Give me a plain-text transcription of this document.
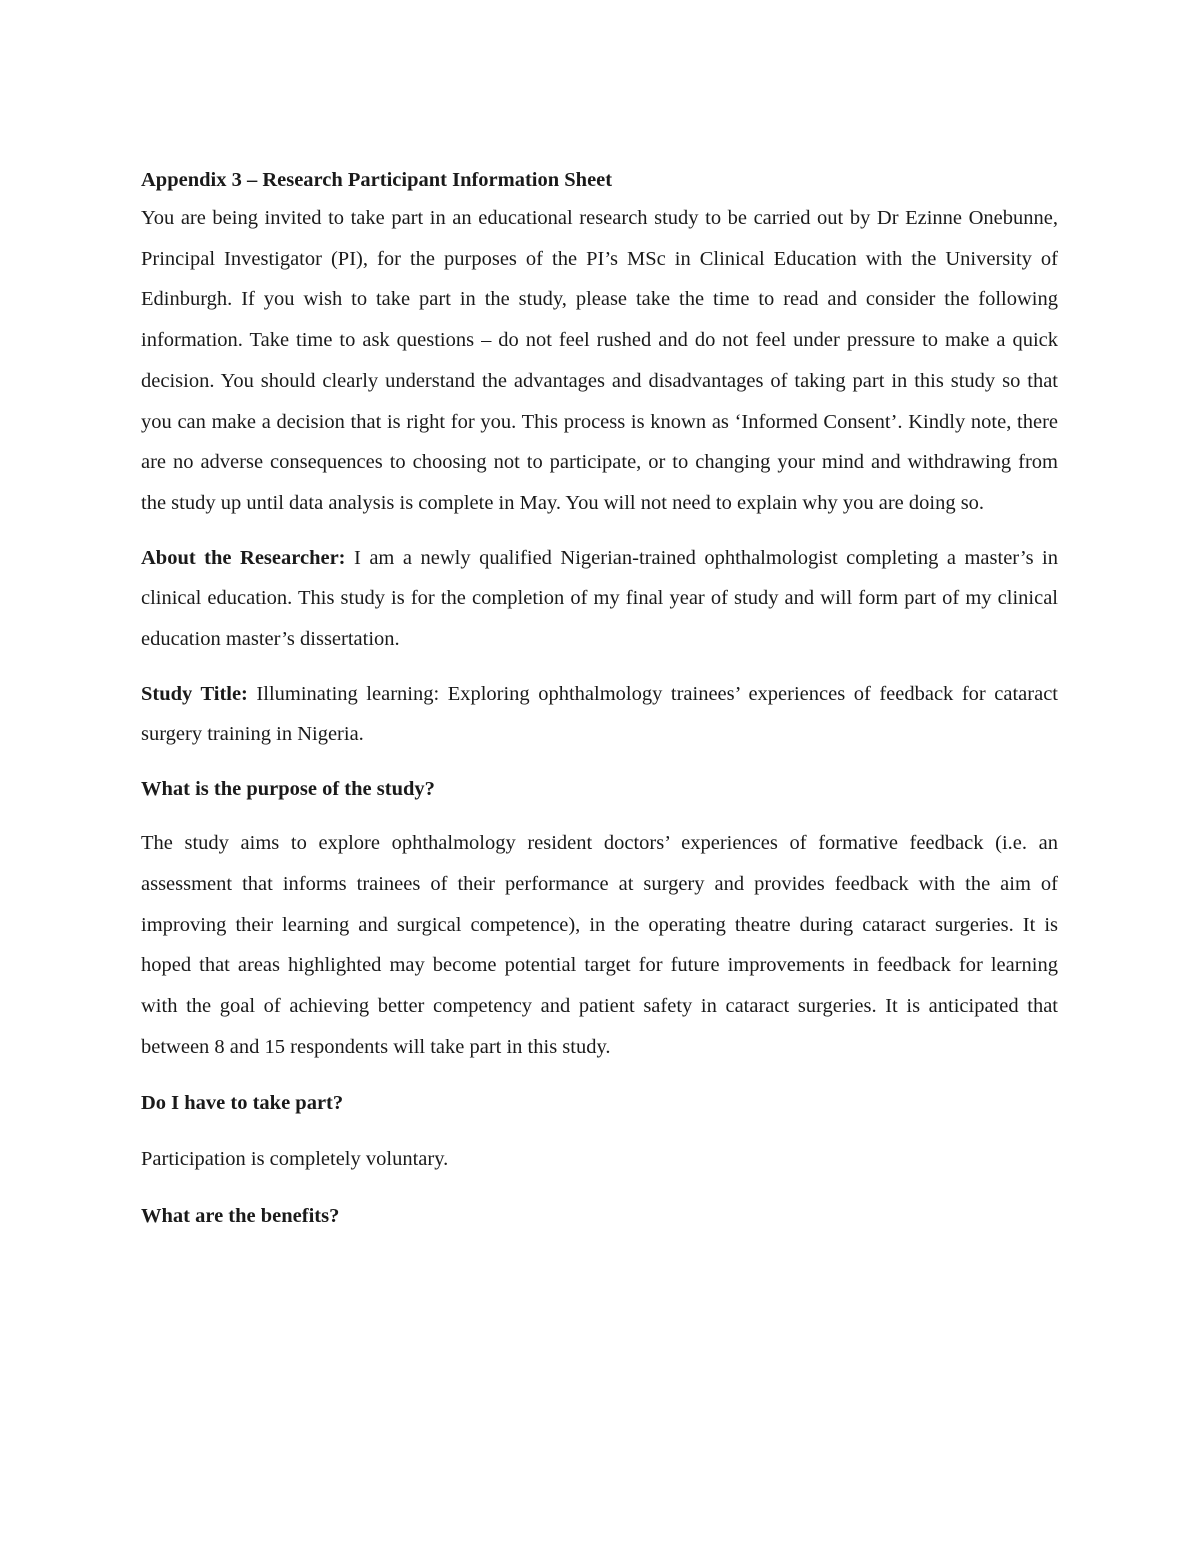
Appendix 3 – Research Participant Information Sheet

You are being invited to take part in an educational research study to be carried out by Dr Ezinne Onebunne, Principal Investigator (PI), for the purposes of the PI’s MSc in Clinical Education with the University of Edinburgh. If you wish to take part in the study, please take the time to read and consider the following information. Take time to ask questions – do not feel rushed and do not feel under pressure to make a quick decision. You should clearly understand the advantages and disadvantages of taking part in this study so that you can make a decision that is right for you. This process is known as ‘Informed Consent’. Kindly note, there are no adverse consequences to choosing not to participate, or to changing your mind and withdrawing from the study up until data analysis is complete in May. You will not need to explain why you are doing so.

About the Researcher: I am a newly qualified Nigerian-trained ophthalmologist completing a master’s in clinical education. This study is for the completion of my final year of study and will form part of my clinical education master’s dissertation.

Study Title: Illuminating learning: Exploring ophthalmology trainees’ experiences of feedback for cataract surgery training in Nigeria.

What is the purpose of the study?

The study aims to explore ophthalmology resident doctors’ experiences of formative feedback (i.e. an assessment that informs trainees of their performance at surgery and provides feedback with the aim of improving their learning and surgical competence), in the operating theatre during cataract surgeries. It is hoped that areas highlighted may become potential target for future improvements in feedback for learning with the goal of achieving better competency and patient safety in cataract surgeries. It is anticipated that between 8 and 15 respondents will take part in this study.

Do I have to take part?

Participation is completely voluntary.

What are the benefits?
